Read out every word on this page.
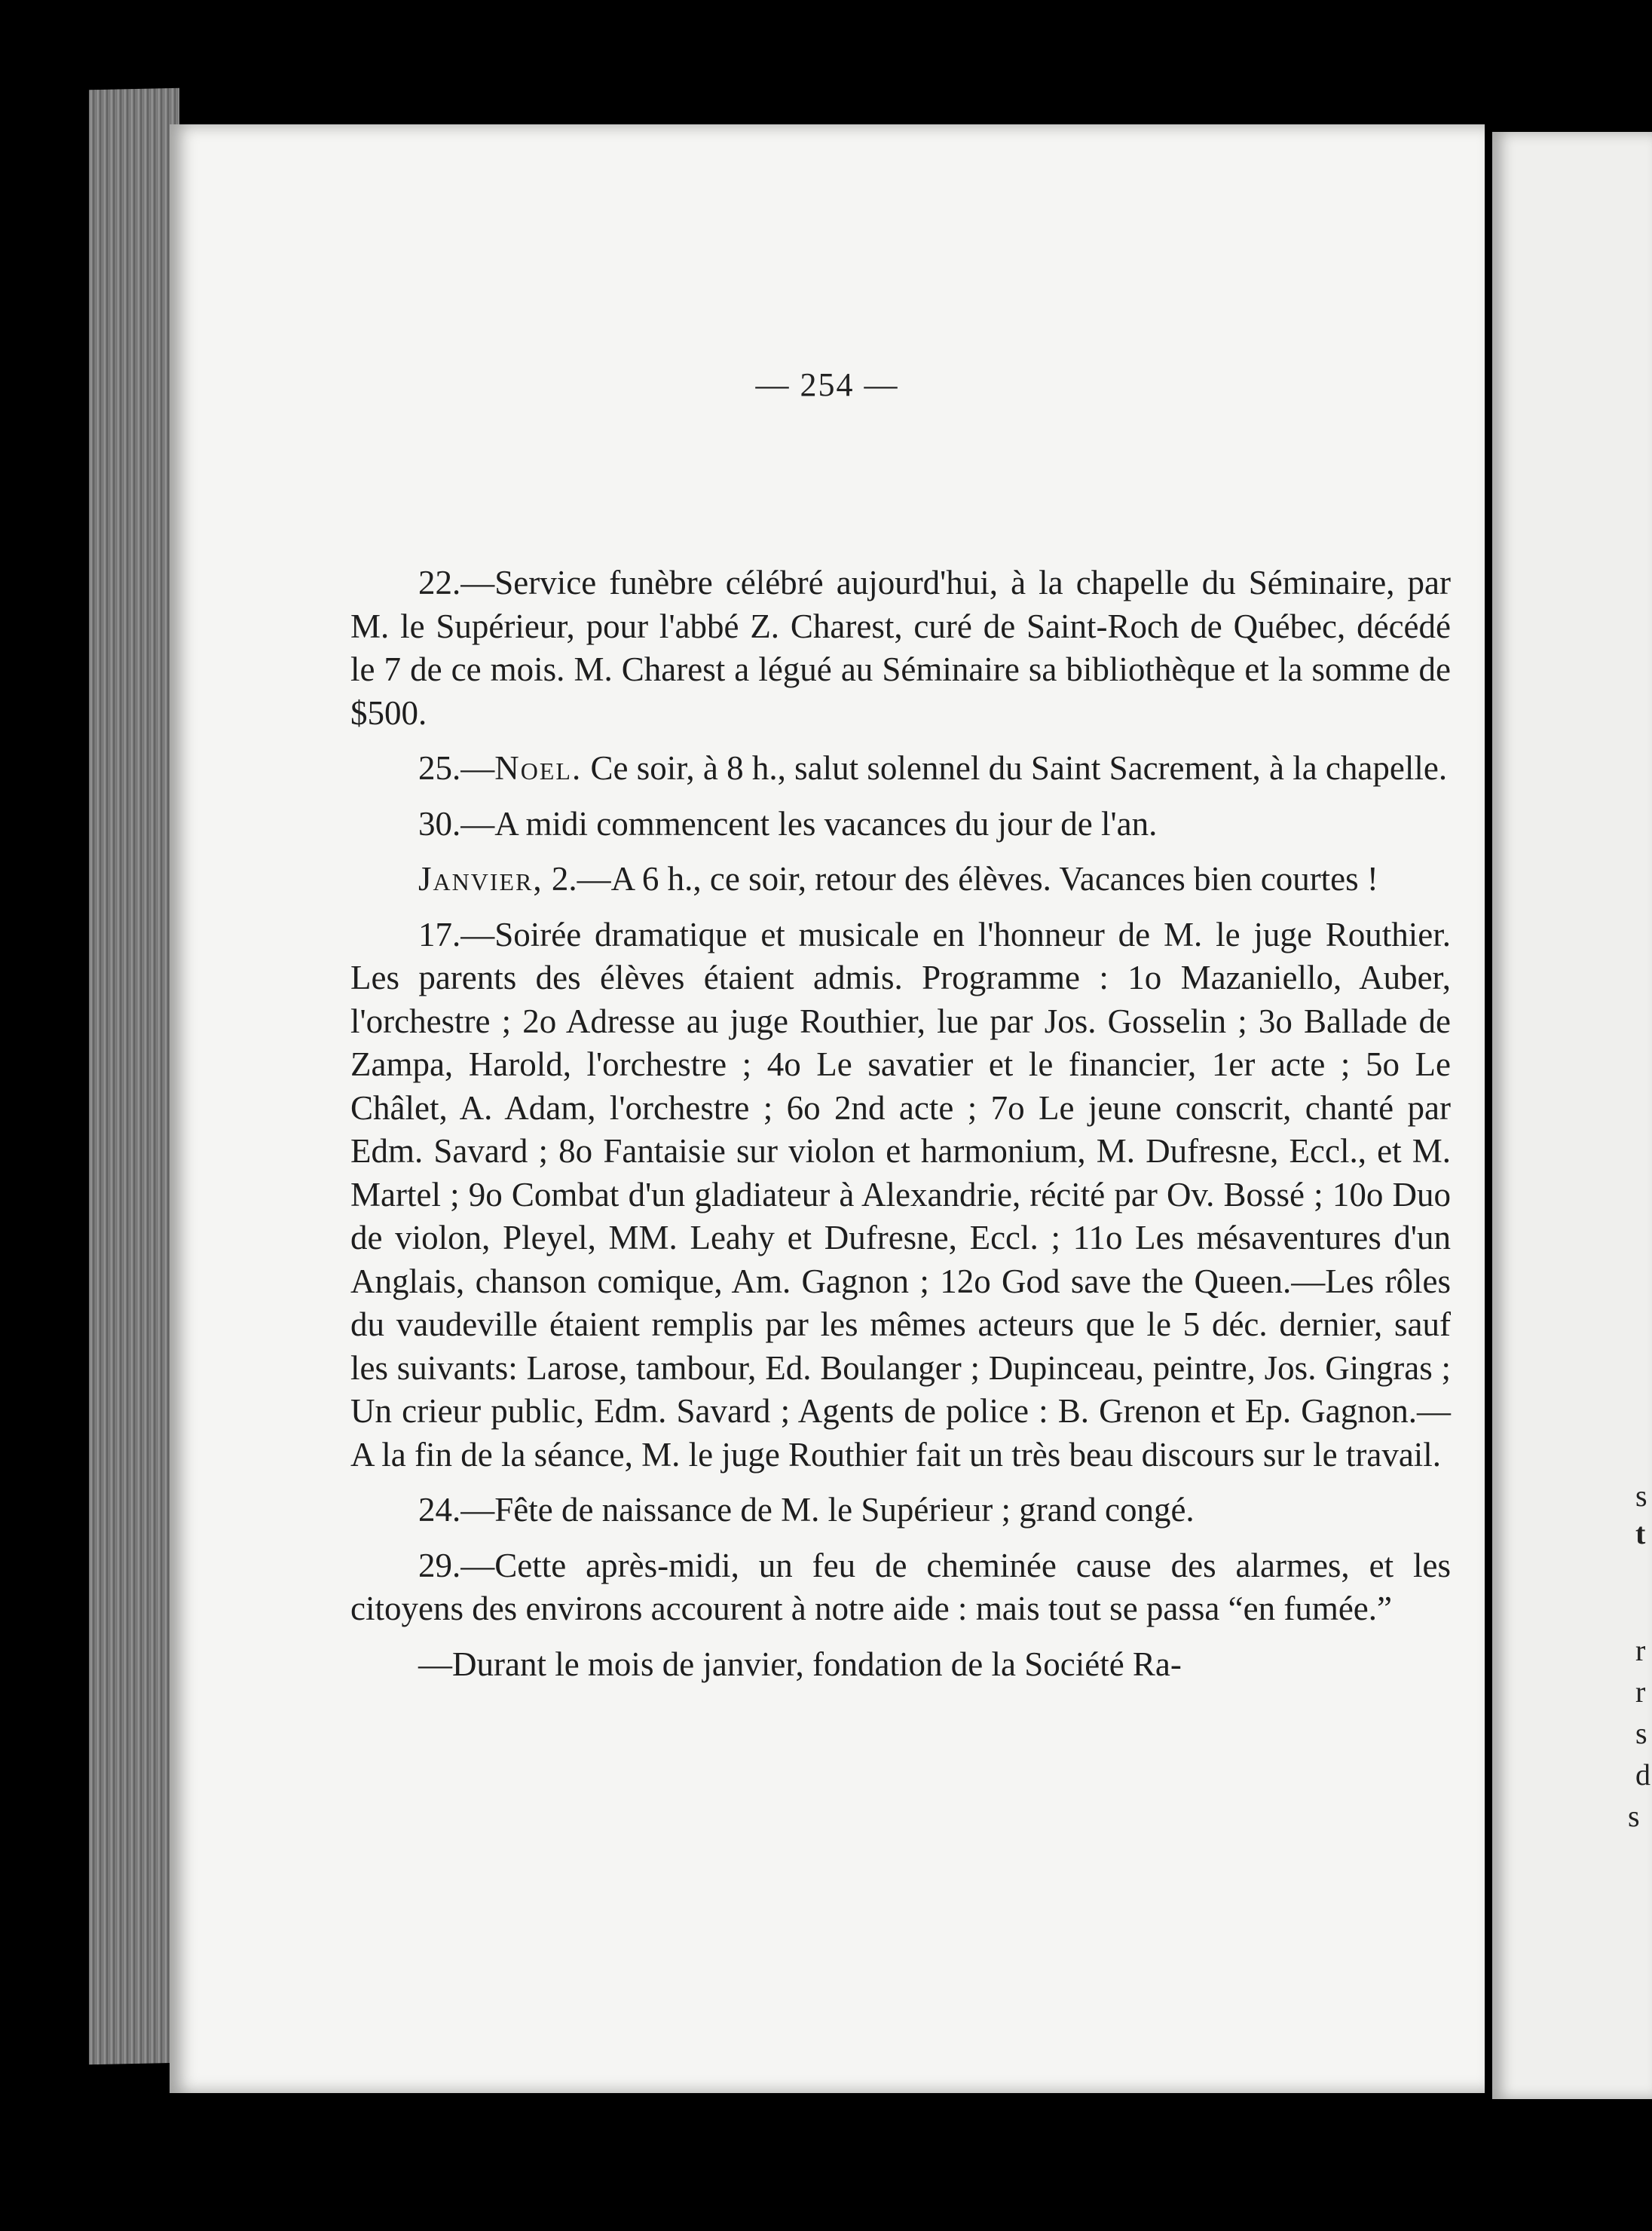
— 254 —

22.—Service funèbre célébré aujourd'hui, à la chapelle du Séminaire, par M. le Supérieur, pour l'abbé Z. Charest, curé de Saint-Roch de Québec, décédé le 7 de ce mois. M. Charest a légué au Séminaire sa bibliothèque et la somme de $500.

25.—Noel. Ce soir, à 8 h., salut solennel du Saint Sacrement, à la chapelle.

30.—A midi commencent les vacances du jour de l'an.

Janvier, 2.—A 6 h., ce soir, retour des élèves. Vacances bien courtes !

17.—Soirée dramatique et musicale en l'honneur de M. le juge Routhier. Les parents des élèves étaient admis. Programme : 1o Mazaniello, Auber, l'orchestre ; 2o Adresse au juge Routhier, lue par Jos. Gosselin ; 3o Ballade de Zampa, Harold, l'orchestre ; 4o Le savatier et le financier, 1er acte ; 5o Le Châlet, A. Adam, l'orchestre ; 6o 2nd acte ; 7o Le jeune conscrit, chanté par Edm. Savard ; 8o Fantaisie sur violon et harmonium, M. Dufresne, Eccl., et M. Martel ; 9o Combat d'un gladiateur à Alexandrie, récité par Ov. Bossé ; 10o Duo de violon, Pleyel, MM. Leahy et Dufresne, Eccl. ; 11o Les mésaventures d'un Anglais, chanson comique, Am. Gagnon ; 12o God save the Queen.—Les rôles du vaudeville étaient remplis par les mêmes acteurs que le 5 déc. dernier, sauf les suivants: Larose, tambour, Ed. Boulanger ; Dupinceau, peintre, Jos. Gingras ; Un crieur public, Edm. Savard ; Agents de police : B. Grenon et Ep. Gagnon.—A la fin de la séance, M. le juge Routhier fait un très beau discours sur le travail.

24.—Fête de naissance de M. le Supérieur ; grand congé.

29.—Cette après-midi, un feu de cheminée cause des alarmes, et les citoyens des environs accourent à notre aide : mais tout se passa “en fumée.”

—Durant le mois de janvier, fondation de la Société Ra-

s
t
r
r
s
d
s
